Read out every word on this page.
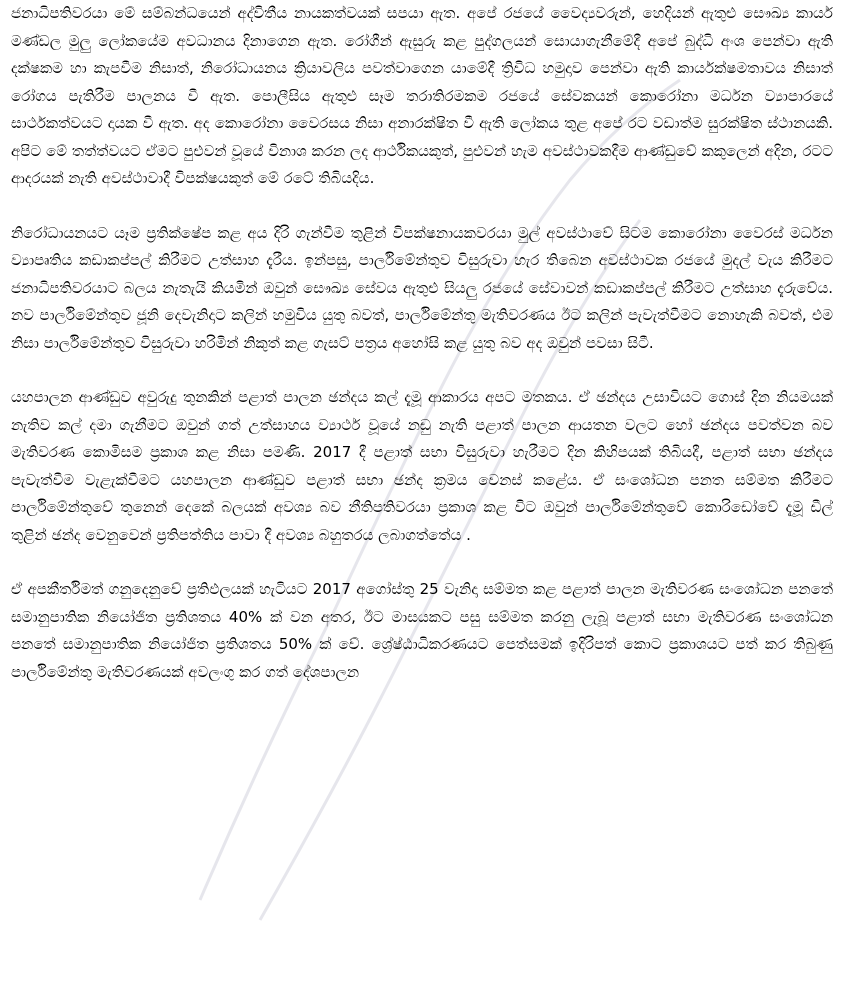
ජනාධිපතිවරයා මේ සම්බන්ධයෙන් අද්විතීය නායකත්වයක් සපයා ඇත. අපේ රජයේ වෛද්‍යවරුන්, හෙදියන් ඇතුළු සෞඛ්‍ය කාර්ය මණ්ඩල මුලු ලෝකයේම අවධානය දිනාගෙන ඇත. රෝගීන් ඇසුරු කළ පුද්ගලයන් සොයාගැනීමේදී අපේ බුද්ධි අංශ පෙන්වා ඇති දක්ෂකම හා කැපවීම නිසාත්, නිරෝධායනය ක්‍රියාවලිය පවත්වාගෙන යාමේදී ත්‍රිවිධ හමුදාව පෙන්වා ඇති කාර්යක්ෂමතාවය නිසාත් රෝගය පැතිරීම පාලනය වී ඇත. පොලීසිය ඇතුළු සෑම තරාතිරමකම රජයේ සේවකයන් කොරෝනා මර්ධන ව්‍යාපාරයේ සාර්ථකත්වයට දායක වී ඇත. අද කොරෝනා වෛරසය නිසා අනාරක්ෂිත වී ඇති ලෝකය තුළ අපේ රට වඩාත්ම සුරක්ෂිත ස්ථානයකි. අපිට මේ තත්ත්වයට ඒමට පුළුවන් වූයේ විනාශ කරන ලද ආර්ථිකයකුත්, පුළුවන් හැම අවස්ථාවකදීම ආණ්ඩුවේ කකුලෙන් අදින, රටට ආදරයක් නැති අවස්ථාවාදී විපක්ෂයකුත් මේ රටේ තිබියදිය.

නිරෝධායනයට යෑම ප්‍රතික්ෂේප කළ අය දිරි ගැන්වීම තුළින් විපක්ෂනායකවරයා මුල් අවස්ථාවේ සිටම කොරෝනා වෛරස් මර්ධන ව්‍යාපෘතිය කඩාකප්පල් කිරීමට උත්සාහ දැරීය. ඉන්පසු, පාර්ලිමේන්තුව විසුරුවා හැර තිබෙන අවස්ථාවක රජයේ මුදල් වැය කිරීමට ජනාධිපතිවරයාට බලය නැතැයි කියමින් ඔවුන් සෞඛ්‍ය සේවය ඇතුළු සියලු රජයේ සේවාවන් කඩාකප්පල් කිරීමට උත්සාහ දැරුවේය. නව පාර්ලිමේන්තුව ජූනි දෙවැනිදාට කලින් හමුවිය යුතු බවත්, පාර්ලිමේන්තු මැතිවරණය ඊට කලින් පැවැත්වීමට නොහැකි බවත්, එම නිසා පාර්ලිමේන්තුව විසුරුවා හරිමින් නිකුත් කළ ගැසට් පත්‍රය අහෝසි කළ යුතු බව අද ඔවුන් පවසා සිටී.

යහපාලන ආණ්ඩුව අවුරුදු තුනකින් පළාත් පාලන ඡන්දය කල් දැමූ ආකාරය අපට මතකය. ඒ ඡන්දය උසාවියට ගොස් දින නියමයක් නැතිව කල් දමා ගැනීමට ඔවුන් ගත් උත්සාහය ව්‍යාර්ථ වූයේ නඩු නැති පළාත් පාලන ආයතන වලට හෝ ඡන්දය පවත්වන බව මැතිවරණ කොමිසම ප්‍රකාශ කළ නිසා පමණි. 2017 දී පළාත් සභා විසුරුවා හැරීමට දින කිහිපයක් තිබියදී, පළාත් සභා ඡන්දය පැවැත්වීම වැළැක්වීමට යහපාලන ආණ්ඩුව පළාත් සභා ඡන්ද ක්‍රමය වෙනස් කළේය. ඒ සංශෝධන පනත සම්මත කිරීමට පාර්ලිමේන්තුවේ තුනෙන් දෙකේ බලයක් අවශ්‍ය බව නීතිපතිවරයා ප්‍රකාශ කළ විට ඔවුන් පාර්ලිමේන්තුවේ කොරිඩෝවේ දැමූ ඩීල් තුළින් ඡන්ද වෙනුවෙන් ප්‍රතිපත්තිය පාවා දී අවශ්‍ය බහුතරය ලබාගත්තේය .

ඒ අපකීර්තිමත් ගනුදෙනුවේ ප්‍රතිඵලයක් හැටියට 2017 අගෝස්තු 25 වැනිදා සම්මත කළ පළාත් පාලන මැතිවරණ සංශෝධන පනතේ සමානුපාතික නියෝජිත ප්‍රතිශතය 40% ක් වන අතර, ඊට මාසයකට පසු සම්මත කරනු ලැබූ පළාත් සභා මැතිවරණ සංශෝධන පනතේ සමානුපාතික නියෝජිත ප්‍රතිශතය 50% ක් වේ. ශ්‍රේෂ්ඨාධිකරණයට පෙත්සමක් ඉදිරිපත් කොට ප්‍රකාශයට පත් කර තිබුණු පාර්ලිමේන්තු මැතිවරණයක් අවලංගු කර ගත් දේශපාලන
